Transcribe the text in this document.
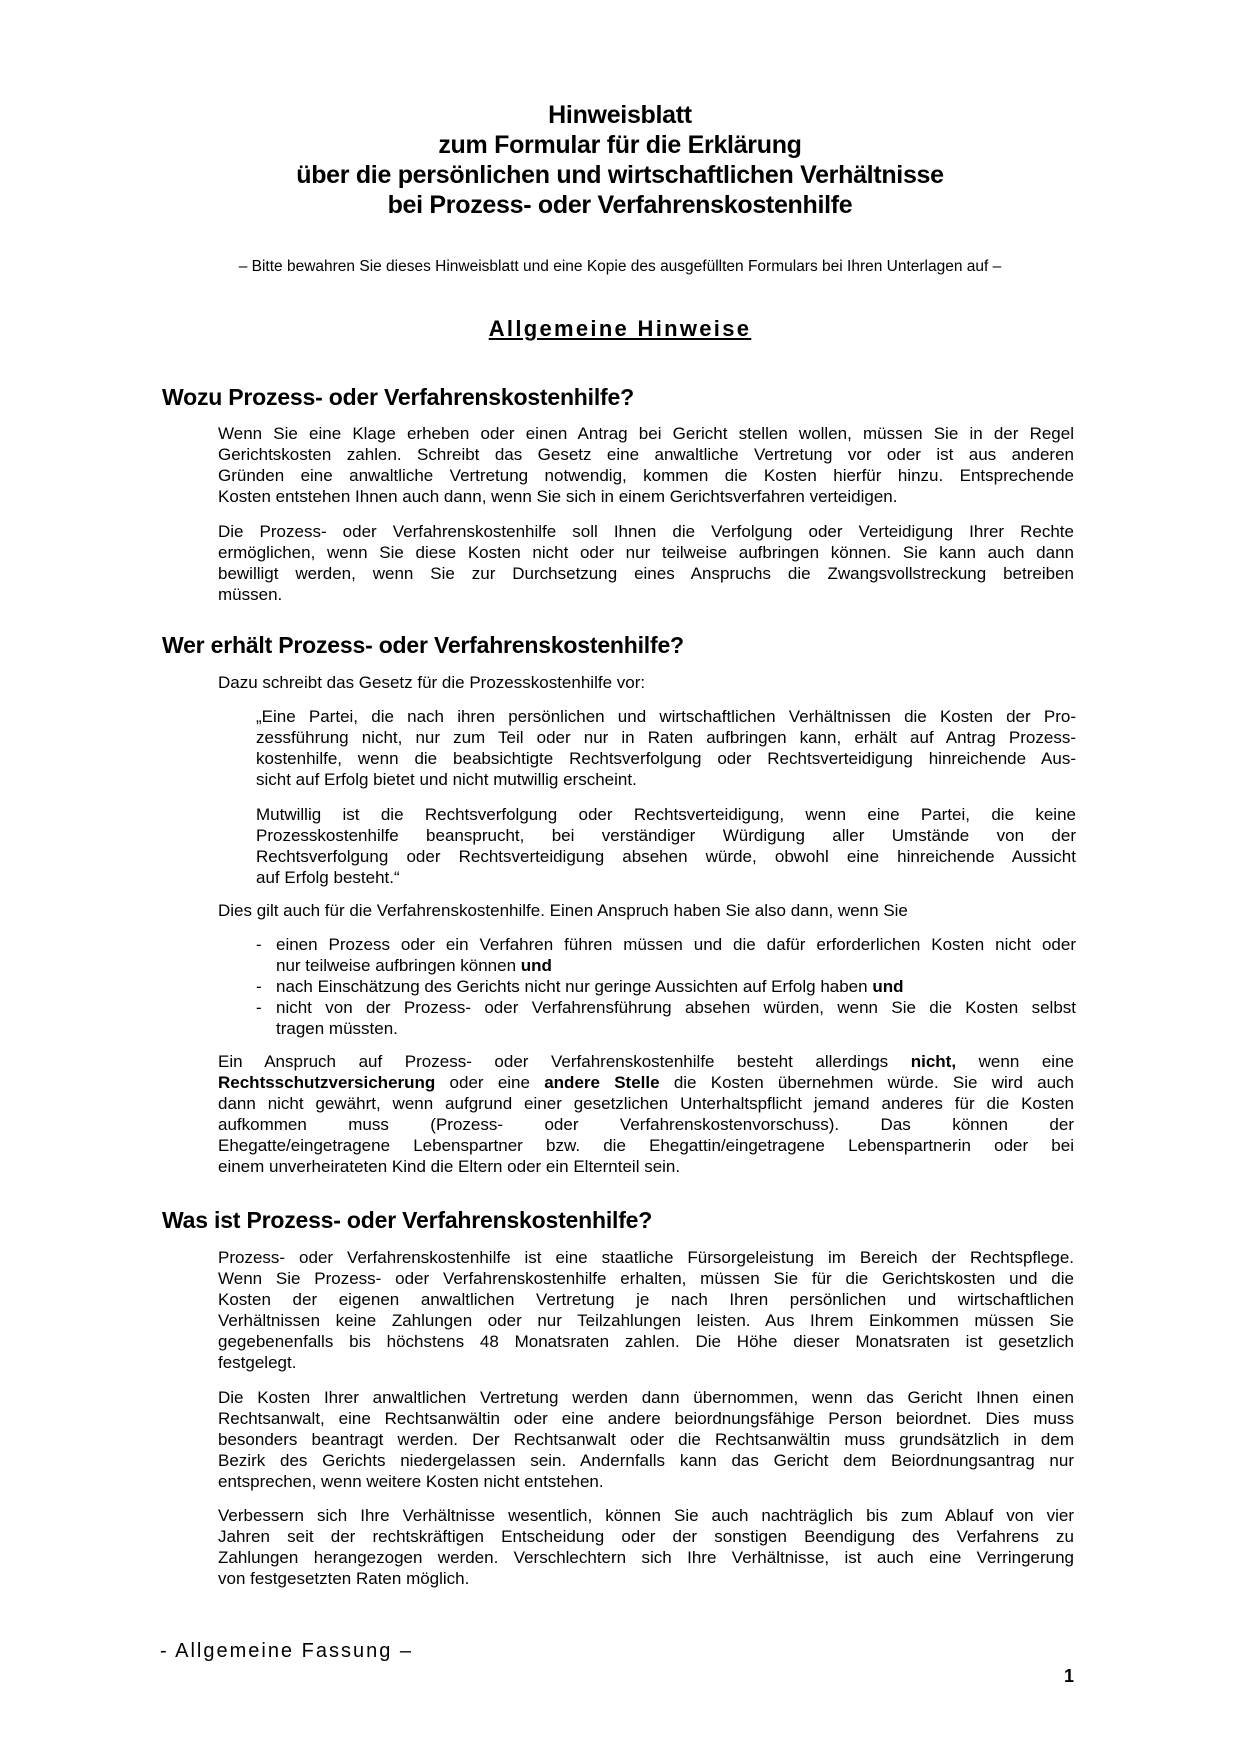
Hinweisblatt
zum Formular für die Erklärung
über die persönlichen und wirtschaftlichen Verhältnisse
bei Prozess- oder Verfahrenskostenhilfe
– Bitte bewahren Sie dieses Hinweisblatt und eine Kopie des ausgefüllten Formulars bei Ihren Unterlagen auf –
Allgemeine Hinweise
Wozu Prozess- oder Verfahrenskostenhilfe?

Wenn Sie eine Klage erheben oder einen Antrag bei Gericht stellen wollen, müssen Sie in der Regel
Gerichtskosten zahlen. Schreibt das Gesetz eine anwaltliche Vertretung vor oder ist aus anderen
Gründen eine anwaltliche Vertretung notwendig, kommen die Kosten hierfür hinzu. Entsprechende
Kosten entstehen Ihnen auch dann, wenn Sie sich in einem Gerichtsverfahren verteidigen.

Die Prozess- oder Verfahrenskostenhilfe soll Ihnen die Verfolgung oder Verteidigung Ihrer Rechte
ermöglichen, wenn Sie diese Kosten nicht oder nur teilweise aufbringen können. Sie kann auch dann
bewilligt werden, wenn Sie zur Durchsetzung eines Anspruchs die Zwangsvollstreckung betreiben
müssen.

Wer erhält Prozess- oder Verfahrenskostenhilfe?

Dazu schreibt das Gesetz für die Prozesskostenhilfe vor:

„Eine Partei, die nach ihren persönlichen und wirtschaftlichen Verhältnissen die Kosten der Pro-
zessführung nicht, nur zum Teil oder nur in Raten aufbringen kann, erhält auf Antrag Prozess-
kostenhilfe, wenn die beabsichtigte Rechtsverfolgung oder Rechtsverteidigung hinreichende Aus-
sicht auf Erfolg bietet und nicht mutwillig erscheint.

Mutwillig ist die Rechtsverfolgung oder Rechtsverteidigung, wenn eine Partei, die keine
Prozesskostenhilfe beansprucht, bei verständiger Würdigung aller Umstände von der
Rechtsverfolgung oder Rechtsverteidigung absehen würde, obwohl eine hinreichende Aussicht
auf Erfolg besteht.“

Dies gilt auch für die Verfahrenskostenhilfe. Einen Anspruch haben Sie also dann, wenn Sie

- einen Prozess oder ein Verfahren führen müssen und die dafür erforderlichen Kosten nicht oder
nur teilweise aufbringen können und
- nach Einschätzung des Gerichts nicht nur geringe Aussichten auf Erfolg haben und
- nicht von der Prozess- oder Verfahrensführung absehen würden, wenn Sie die Kosten selbst
tragen müssten.

Ein Anspruch auf Prozess- oder Verfahrenskostenhilfe besteht allerdings nicht, wenn eine
Rechtsschutzversicherung oder eine andere Stelle die Kosten übernehmen würde. Sie wird auch
dann nicht gewährt, wenn aufgrund einer gesetzlichen Unterhaltspflicht jemand anderes für die Kosten
aufkommen muss (Prozess- oder Verfahrenskostenvorschuss). Das können der
Ehegatte/eingetragene Lebenspartner bzw. die Ehegattin/eingetragene Lebenspartnerin oder bei
einem unverheirateten Kind die Eltern oder ein Elternteil sein.

Was ist Prozess- oder Verfahrenskostenhilfe?

Prozess- oder Verfahrenskostenhilfe ist eine staatliche Fürsorgeleistung im Bereich der Rechtspflege.
Wenn Sie Prozess- oder Verfahrenskostenhilfe erhalten, müssen Sie für die Gerichtskosten und die
Kosten der eigenen anwaltlichen Vertretung je nach Ihren persönlichen und wirtschaftlichen
Verhältnissen keine Zahlungen oder nur Teilzahlungen leisten. Aus Ihrem Einkommen müssen Sie
gegebenenfalls bis höchstens 48 Monatsraten zahlen. Die Höhe dieser Monatsraten ist gesetzlich
festgelegt.

Die Kosten Ihrer anwaltlichen Vertretung werden dann übernommen, wenn das Gericht Ihnen einen
Rechtsanwalt, eine Rechtsanwältin oder eine andere beiordnungsfähige Person beiordnet. Dies muss
besonders beantragt werden. Der Rechtsanwalt oder die Rechtsanwältin muss grundsätzlich in dem
Bezirk des Gerichts niedergelassen sein. Andernfalls kann das Gericht dem Beiordnungsantrag nur
entsprechen, wenn weitere Kosten nicht entstehen.

Verbessern sich Ihre Verhältnisse wesentlich, können Sie auch nachträglich bis zum Ablauf von vier
Jahren seit der rechtskräftigen Entscheidung oder der sonstigen Beendigung des Verfahrens zu
Zahlungen herangezogen werden. Verschlechtern sich Ihre Verhältnisse, ist auch eine Verringerung
von festgesetzten Raten möglich.

- Allgemeine Fassung –
1
